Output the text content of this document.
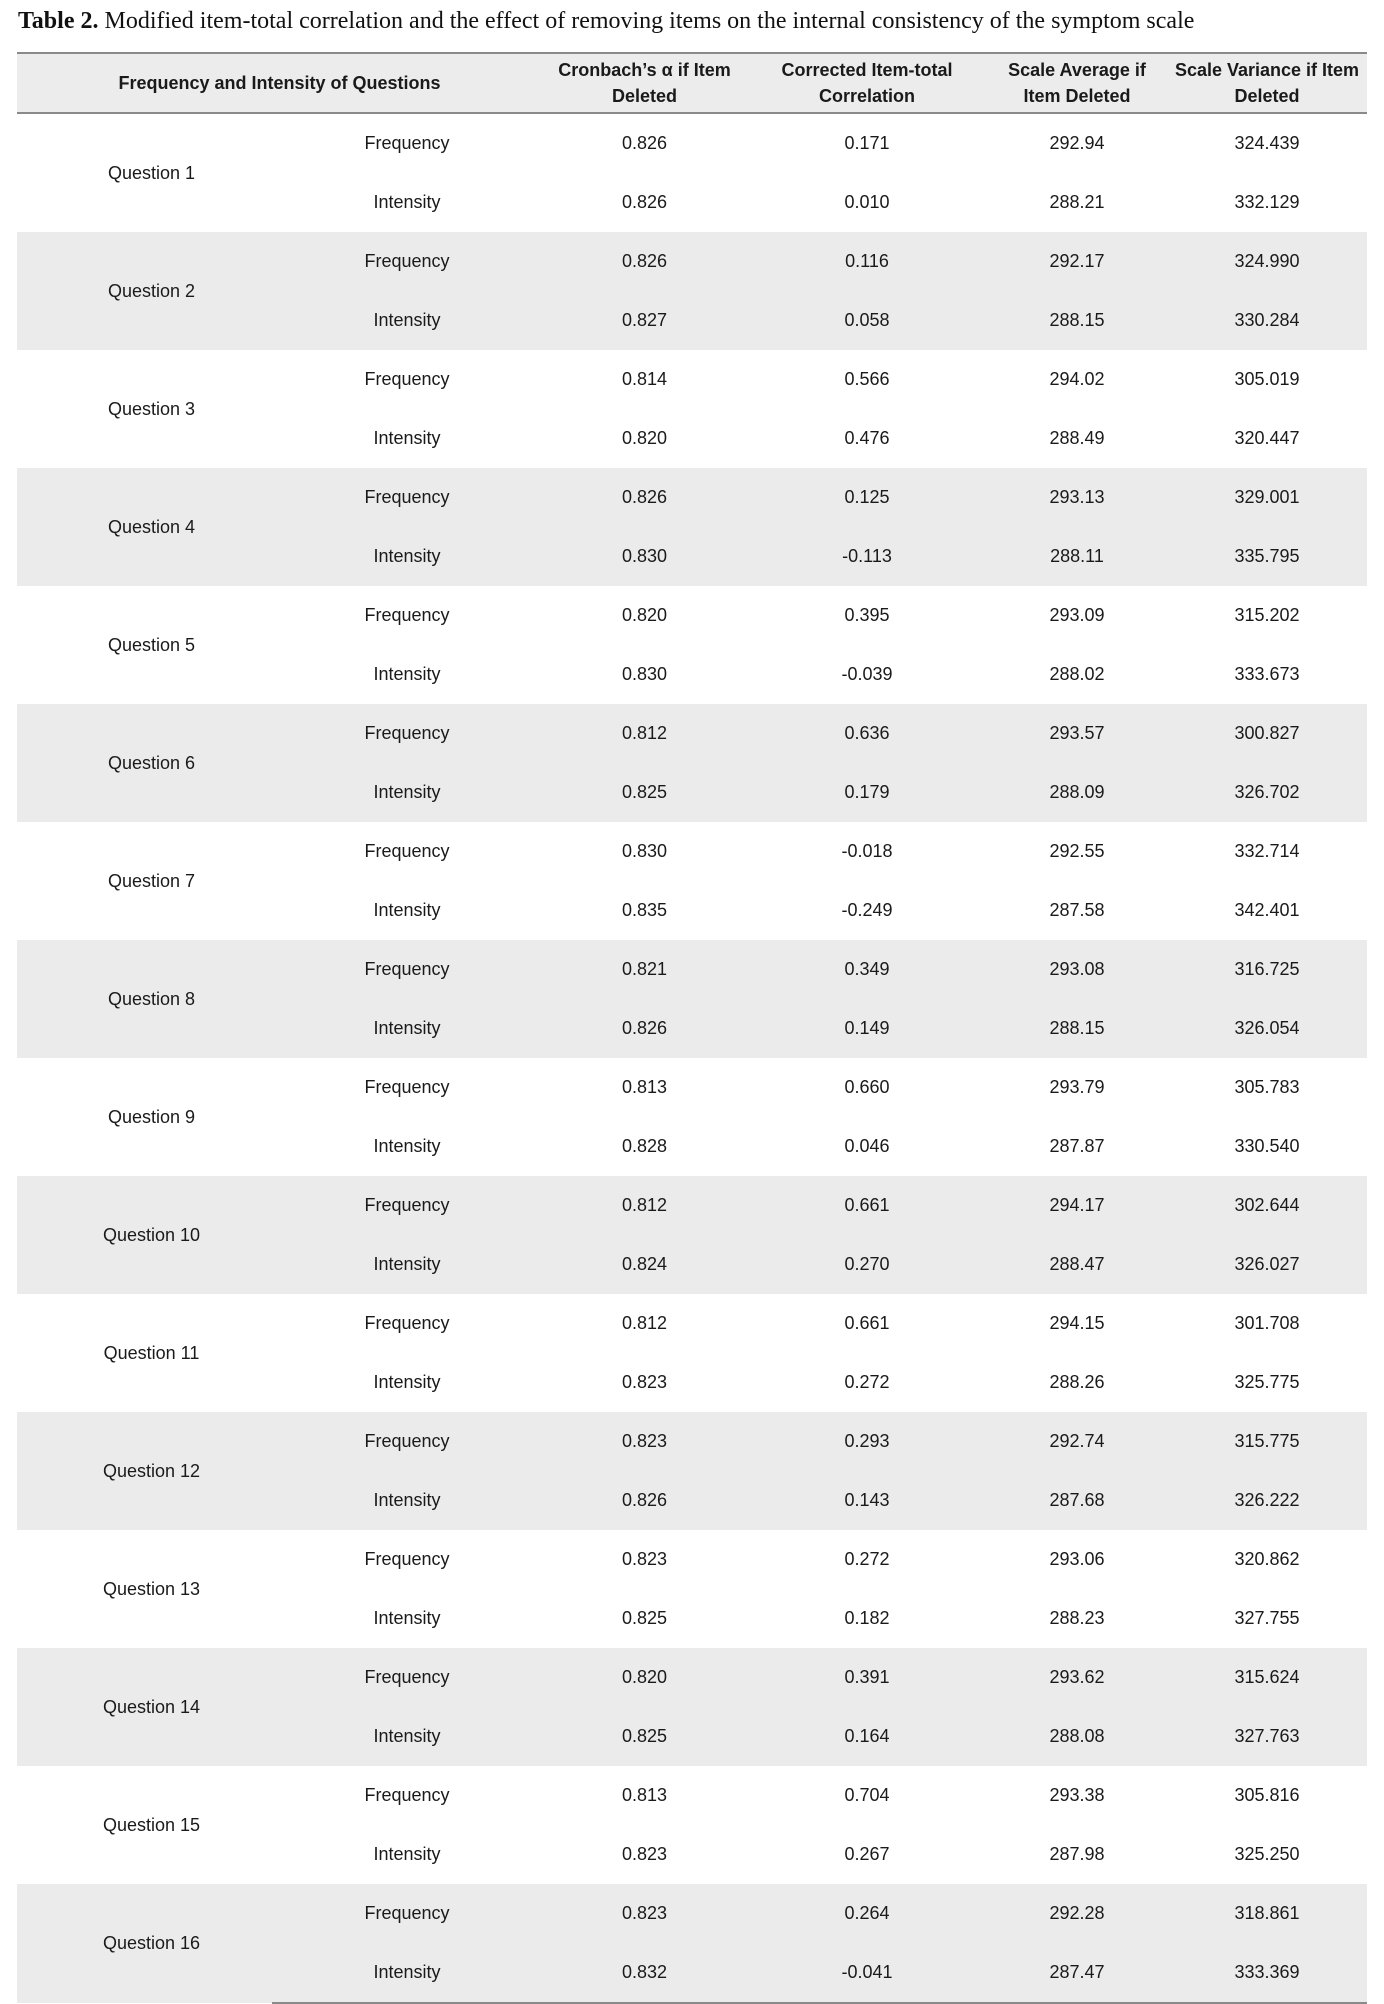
Table 2. Modified item-total correlation and the effect of removing items on the internal consistency of the symptom scale
Frequency and Intensity of Questions		Cronbach’s α if Item Deleted	Corrected Item-total Correlation	Scale Average if Item Deleted	Scale Variance if Item Deleted
Question 1	Frequency	0.826	0.171	292.94	324.439
	Intensity	0.826	0.010	288.21	332.129
Question 2	Frequency	0.826	0.116	292.17	324.990
	Intensity	0.827	0.058	288.15	330.284
Question 3	Frequency	0.814	0.566	294.02	305.019
	Intensity	0.820	0.476	288.49	320.447
Question 4	Frequency	0.826	0.125	293.13	329.001
	Intensity	0.830	-0.113	288.11	335.795
Question 5	Frequency	0.820	0.395	293.09	315.202
	Intensity	0.830	-0.039	288.02	333.673
Question 6	Frequency	0.812	0.636	293.57	300.827
	Intensity	0.825	0.179	288.09	326.702
Question 7	Frequency	0.830	-0.018	292.55	332.714
	Intensity	0.835	-0.249	287.58	342.401
Question 8	Frequency	0.821	0.349	293.08	316.725
	Intensity	0.826	0.149	288.15	326.054
Question 9	Frequency	0.813	0.660	293.79	305.783
	Intensity	0.828	0.046	287.87	330.540
Question 10	Frequency	0.812	0.661	294.17	302.644
	Intensity	0.824	0.270	288.47	326.027
Question 11	Frequency	0.812	0.661	294.15	301.708
	Intensity	0.823	0.272	288.26	325.775
Question 12	Frequency	0.823	0.293	292.74	315.775
	Intensity	0.826	0.143	287.68	326.222
Question 13	Frequency	0.823	0.272	293.06	320.862
	Intensity	0.825	0.182	288.23	327.755
Question 14	Frequency	0.820	0.391	293.62	315.624
	Intensity	0.825	0.164	288.08	327.763
Question 15	Frequency	0.813	0.704	293.38	305.816
	Intensity	0.823	0.267	287.98	325.250
Question 16	Frequency	0.823	0.264	292.28	318.861
	Intensity	0.832	-0.041	287.47	333.369
